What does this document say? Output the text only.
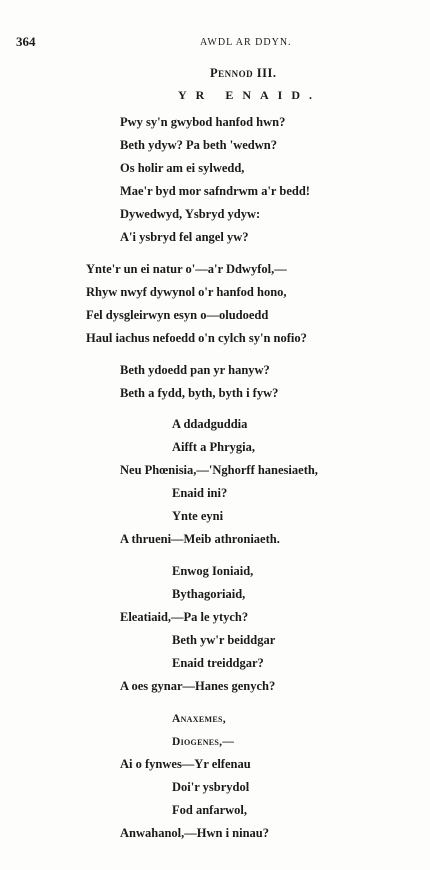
364	AWDL AR DDYN.
Pennod III.
YR ENAID.
Pwy sy'n gwybod hanfod hwn?
Beth ydyw? Pa beth 'wedwn?
Os holir am ei sylwedd,
Mae'r byd mor safndrwm a'r bedd!
Dywedwyd, Ysbryd ydyw:
A'i ysbryd fel angel yw?
Ynte'r un ei natur o'—a'r Ddwyfol,—
Rhyw nwyf dywynol o'r hanfod hono,
Fel dysgleirwyn esyn o—oludoedd
Haul iachus nefoedd o'n cylch sy'n nofio?
Beth ydoedd pan yr hanyw?
Beth a fydd, byth, byth i fyw?
A ddadguddia
Aifft a Phrygia,
Neu Phœnisia,—'Nghorff hanesiaeth,
Enaid ini?
Ynte eyni
A thrueni—Meib athroniaeth.
Enwog Ioniaid,
Bythagoriaid,
Eleatiaid,—Pa le ytych?
Beth yw'r beiddgar
Enaid treiddgar?
A oes gynar—Hanes genych?
Anaxemes,
Diogenes,—
Ai o fynwes—Yr elfenau
Doi'r ysbrydol
Fod anfarwol,
Anwahanol,—Hwn i ninau?
